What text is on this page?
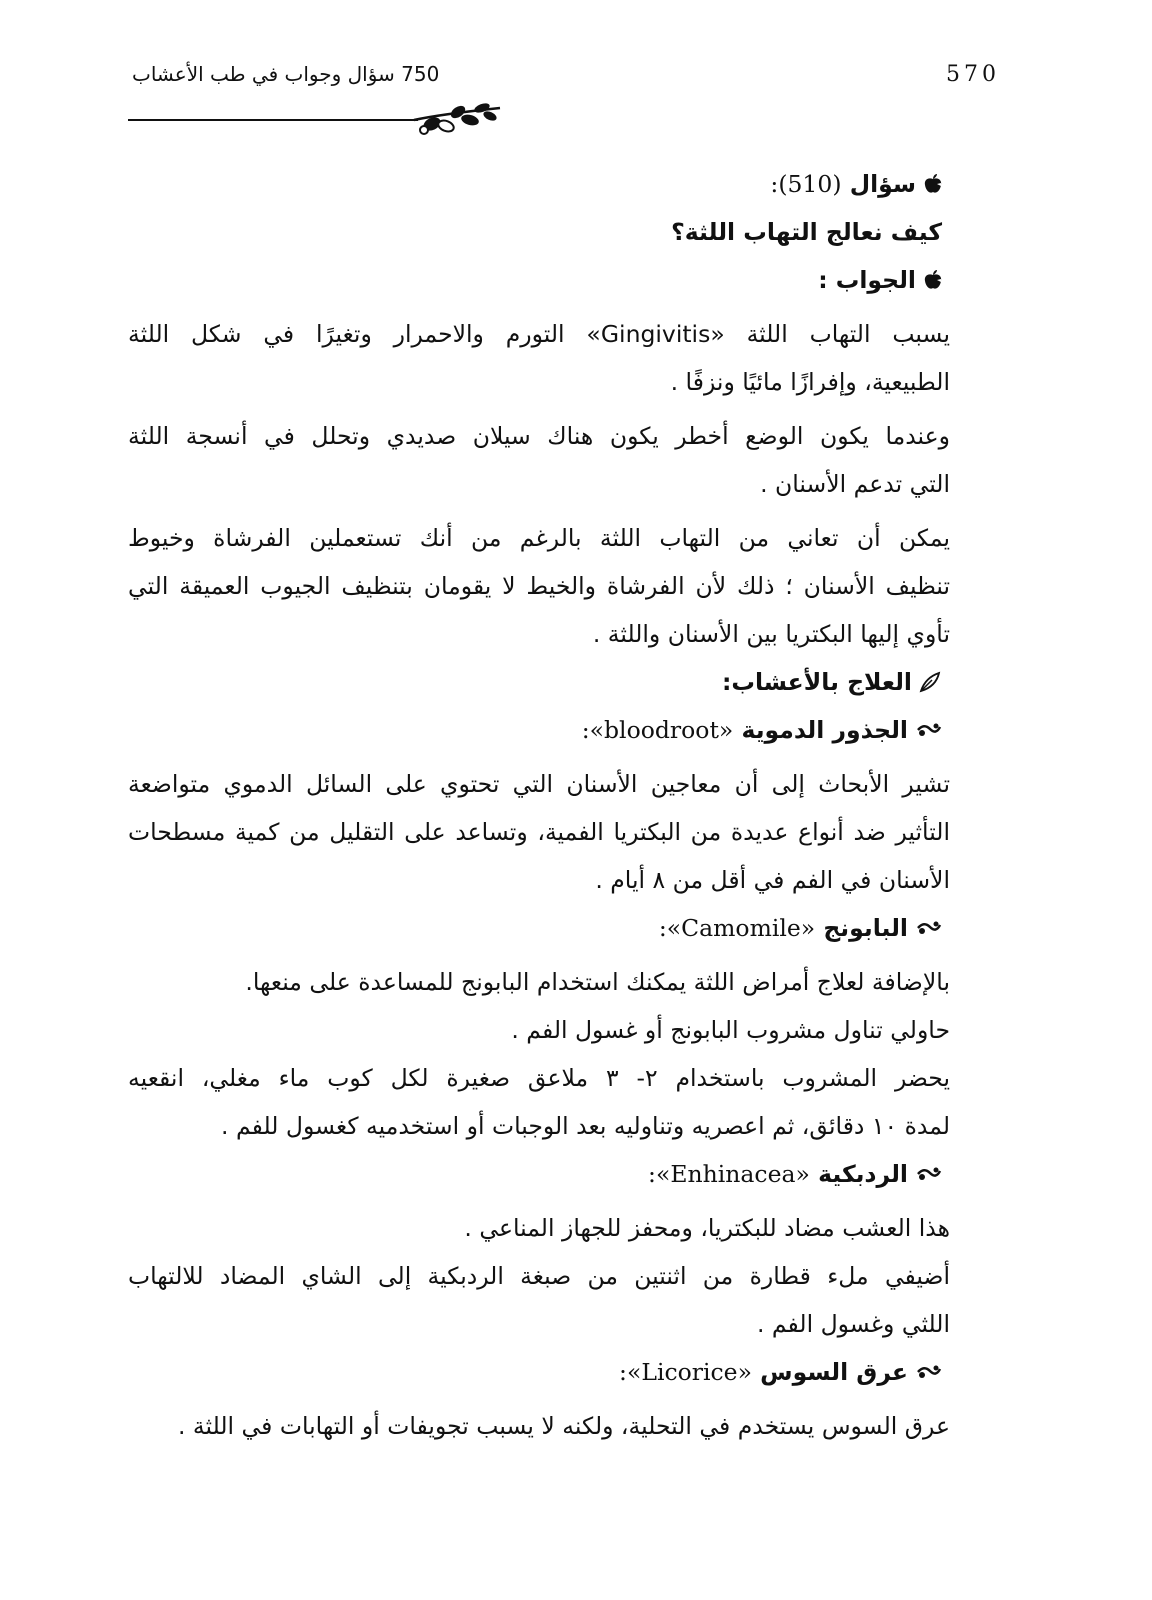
570
750 سؤال وجواب في طب الأعشاب

سؤال (510):

كيف نعالج التهاب اللثة؟

الجواب :

يسبب التهاب اللثة «Gingivitis» التورم والاحمرار وتغيرًا في شكل اللثة

الطبيعية، وإفرازًا مائيًا ونزفًا .

وعندما يكون الوضع أخطر يكون هناك سيلان صديدي وتحلل في أنسجة اللثة

التي تدعم الأسنان .

يمكن أن تعاني من التهاب اللثة بالرغم من أنك تستعملين الفرشاة وخيوط

تنظيف الأسنان ؛ ذلك لأن الفرشاة والخيط لا يقومان بتنظيف الجيوب العميقة التي

تأوي إليها البكتريا بين الأسنان واللثة .

العلاج بالأعشاب:

الجذور الدموية «bloodroot»:

تشير الأبحاث إلى أن معاجين الأسنان التي تحتوي على السائل الدموي متواضعة

التأثير ضد أنواع عديدة من البكتريا الفمية، وتساعد على التقليل من كمية مسطحات

الأسنان في الفم في أقل من ٨ أيام .

البابونج «Camomile»:

بالإضافة لعلاج أمراض اللثة يمكنك استخدام البابونج للمساعدة على منعها.

حاولي تناول مشروب البابونج أو غسول الفم .

يحضر المشروب باستخدام ٢- ٣ ملاعق صغيرة لكل كوب ماء مغلي، انقعيه

لمدة ١٠ دقائق، ثم اعصريه وتناوليه بعد الوجبات أو استخدميه كغسول للفم .

الردبكية «Enhinacea»:

هذا العشب مضاد للبكتريا، ومحفز للجهاز المناعي .

أضيفي ملء قطارة من اثنتين من صبغة الردبكية إلى الشاي المضاد للالتهاب

اللثي وغسول الفم .

عرق السوس «Licorice»:

عرق السوس يستخدم في التحلية، ولكنه لا يسبب تجويفات أو التهابات في اللثة .
